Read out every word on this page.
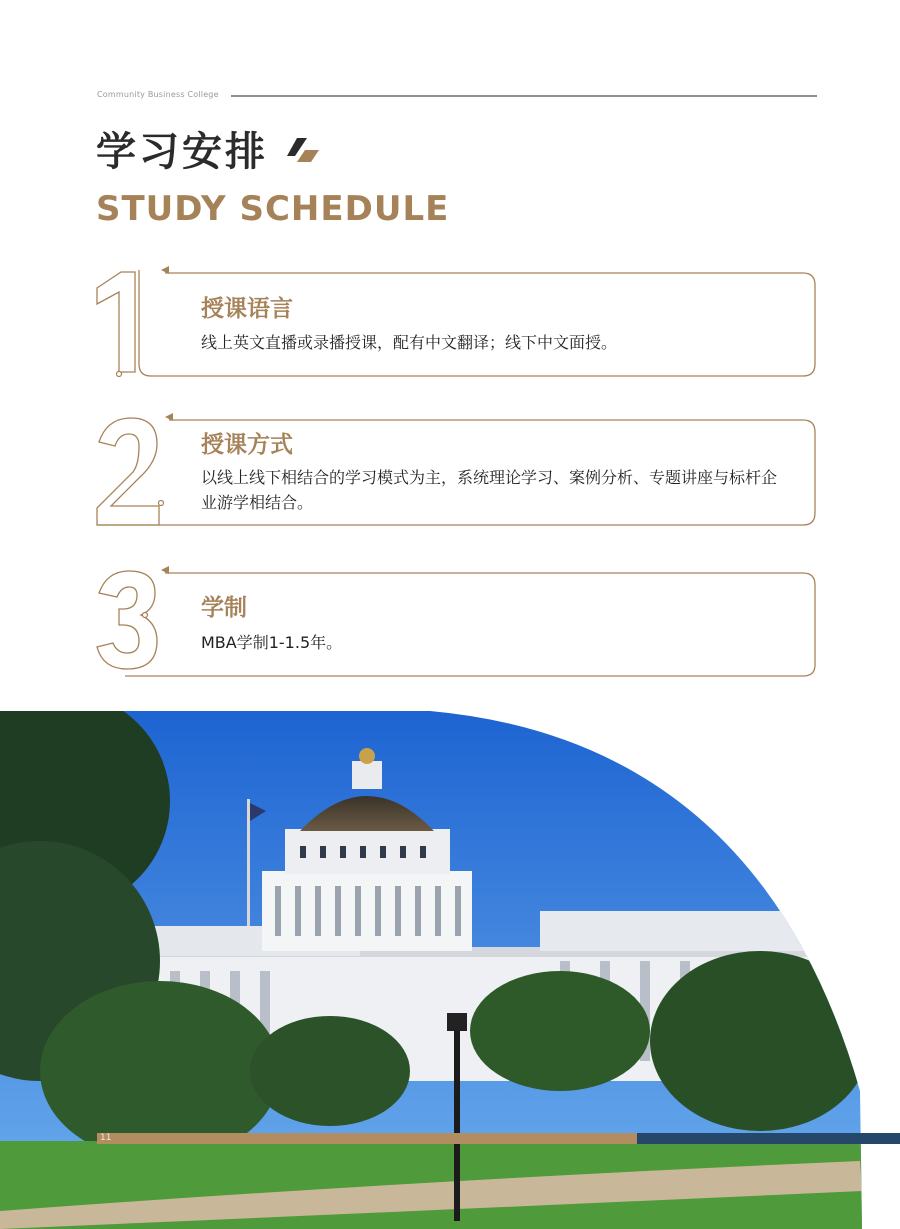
Community Business College
学习安排
STUDY SCHEDULE
授课语言
线上英文直播或录播授课，配有中文翻译；线下中文面授。
授课方式
以线上线下相结合的学习模式为主，系统理论学习、案例分析、专题讲座与标杆企业游学相结合。
学制
MBA学制1-1.5年。
11
